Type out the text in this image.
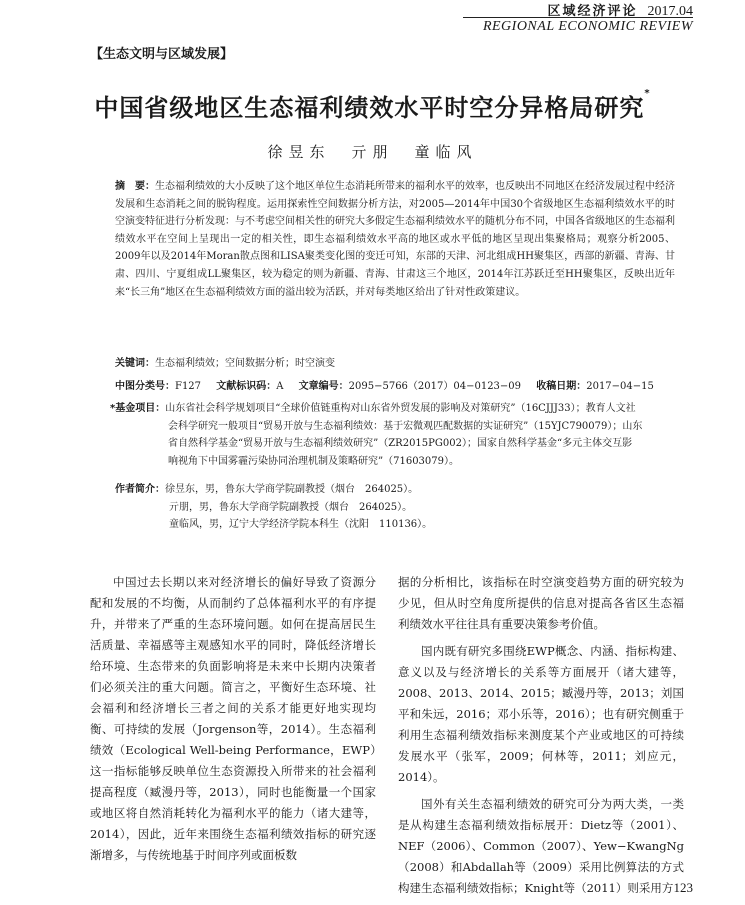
区域经济评论 2017.04
REGIONAL ECONOMIC REVIEW
【生态文明与区域发展】
中国省级地区生态福利绩效水平时空分异格局研究*
徐昱东　亓朋　童临风
摘　要：生态福利绩效的大小反映了这个地区单位生态消耗所带来的福利水平的效率，也反映出不同地区在经济发展过程中经济发展和生态消耗之间的脱钩程度。运用探索性空间数据分析方法，对2005—2014年中国30个省级地区生态福利绩效水平的时空演变特征进行分析发现：与不考虑空间相关性的研究大多假定生态福利绩效水平的随机分布不同，中国各省级地区的生态福利绩效水平在空间上呈现出一定的相关性，即生态福利绩效水平高的地区或水平低的地区呈现出集聚格局；观察分析2005、2009年以及2014年Moran散点图和LISA聚类变化图的变迁可知，东部的天津、河北组成HH聚集区，西部的新疆、青海、甘肃、四川、宁夏组成LL聚集区，较为稳定的则为新疆、青海、甘肃这三个地区，2014年江苏跃迁至HH聚集区，反映出近年来“长三角”地区在生态福利绩效方面的溢出较为活跃，并对每类地区给出了针对性政策建议。
关键词：生态福利绩效；空间数据分析；时空演变
中图分类号：F127 文献标识码：A 文章编号：2095−5766（2017）04−0123−09 收稿日期：2017−04−15
*基金项目：山东省社会科学规划项目“全球价值链重构对山东省外贸发展的影响及对策研究”（16CJJJ33）；教育人文社
会科学研究一般项目“贸易开放与生态福利绩效：基于宏微观匹配数据的实证研究”（15YJC790079）；山东
省自然科学基金“贸易开放与生态福利绩效研究”（ZR2015PG002）；国家自然科学基金“多元主体交互影
响视角下中国雾霾污染协同治理机制及策略研究”（71603079）。
作者简介：徐昱东，男，鲁东大学商学院副教授（烟台　264025）。
亓朋，男，鲁东大学商学院副教授（烟台　264025）。
童临风，男，辽宁大学经济学院本科生（沈阳　110136）。

中国过去长期以来对经济增长的偏好导致了资源分配和发展的不均衡，从而制约了总体福利水平的有序提升，并带来了严重的生态环境问题。如何在提高居民生活质量、幸福感等主观感知水平的同时，降低经济增长给环境、生态带来的负面影响将是未来中长期内决策者们必须关注的重大问题。简言之，平衡好生态环境、社会福利和经济增长三者之间的关系才能更好地实现均衡、可持续的发展（Jorgenson等，2014）。生态福利绩效（Ecological Well-being Performance，EWP）这一指标能够反映单位生态资源投入所带来的社会福利提高程度（臧漫丹等，2013），同时也能衡量一个国家或地区将自然消耗转化为福利水平的能力（诸大建等，2014），因此，近年来围绕生态福利绩效指标的研究逐渐增多，与传统地基于时间序列或面板数

据的分析相比，该指标在时空演变趋势方面的研究较为少见，但从时空角度所提供的信息对提高各省区生态福利绩效水平往往具有重要决策参考价值。

国内既有研究多围绕EWP概念、内涵、指标构建、意义以及与经济增长的关系等方面展开（诸大建等，2008、2013、2014、2015；臧漫丹等，2013；刘国平和朱远，2016；邓小乐等，2016）；也有研究侧重于利用生态福利绩效指标来测度某个产业或地区的可持续发展水平（张军，2009；何林等，2011；刘应元，2014）。

国外有关生态福利绩效的研究可分为两大类，一类是从构建生态福利绩效指标展开：Dietz等（2001）、NEF（2006）、Common（2007）、Yew−KwangNg（2008）和Abdallah等（2009）采用比例算法的方式构建生态福利绩效指标；Knight等（2011）则采用方 123
